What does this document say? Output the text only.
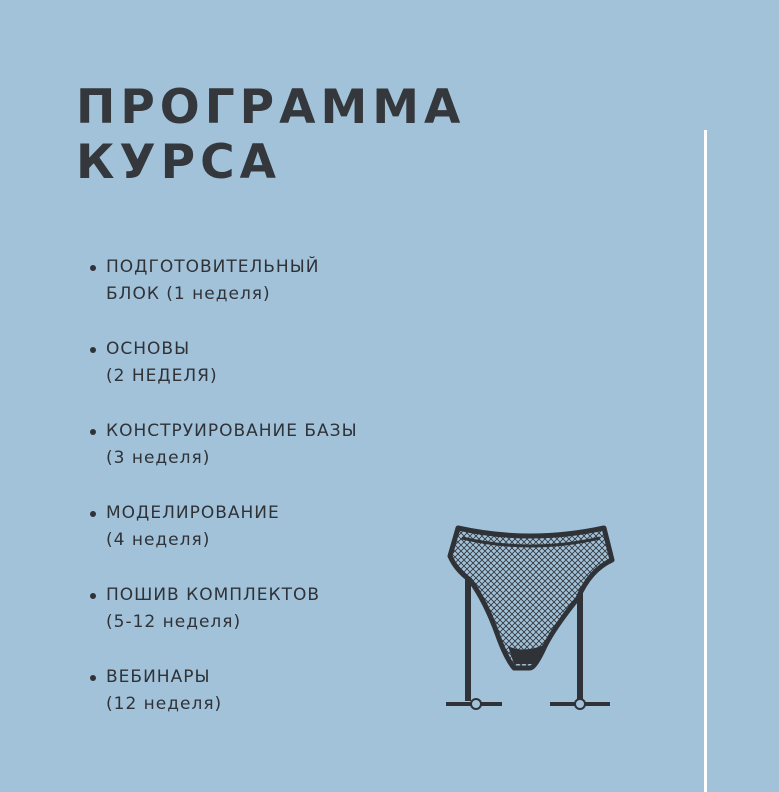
ПРОГРАММА
КУРСА
ПОДГОТОВИТЕЛЬНЫЙ
БЛОК (1 неделя)
ОСНОВЫ
(2 НЕДЕЛЯ)
КОНСТРУИРОВАНИЕ БАЗЫ
(3 неделя)
МОДЕЛИРОВАНИЕ
(4 неделя)
ПОШИВ КОМПЛЕКТОВ
(5-12 неделя)
ВЕБИНАРЫ
(12 неделя)
